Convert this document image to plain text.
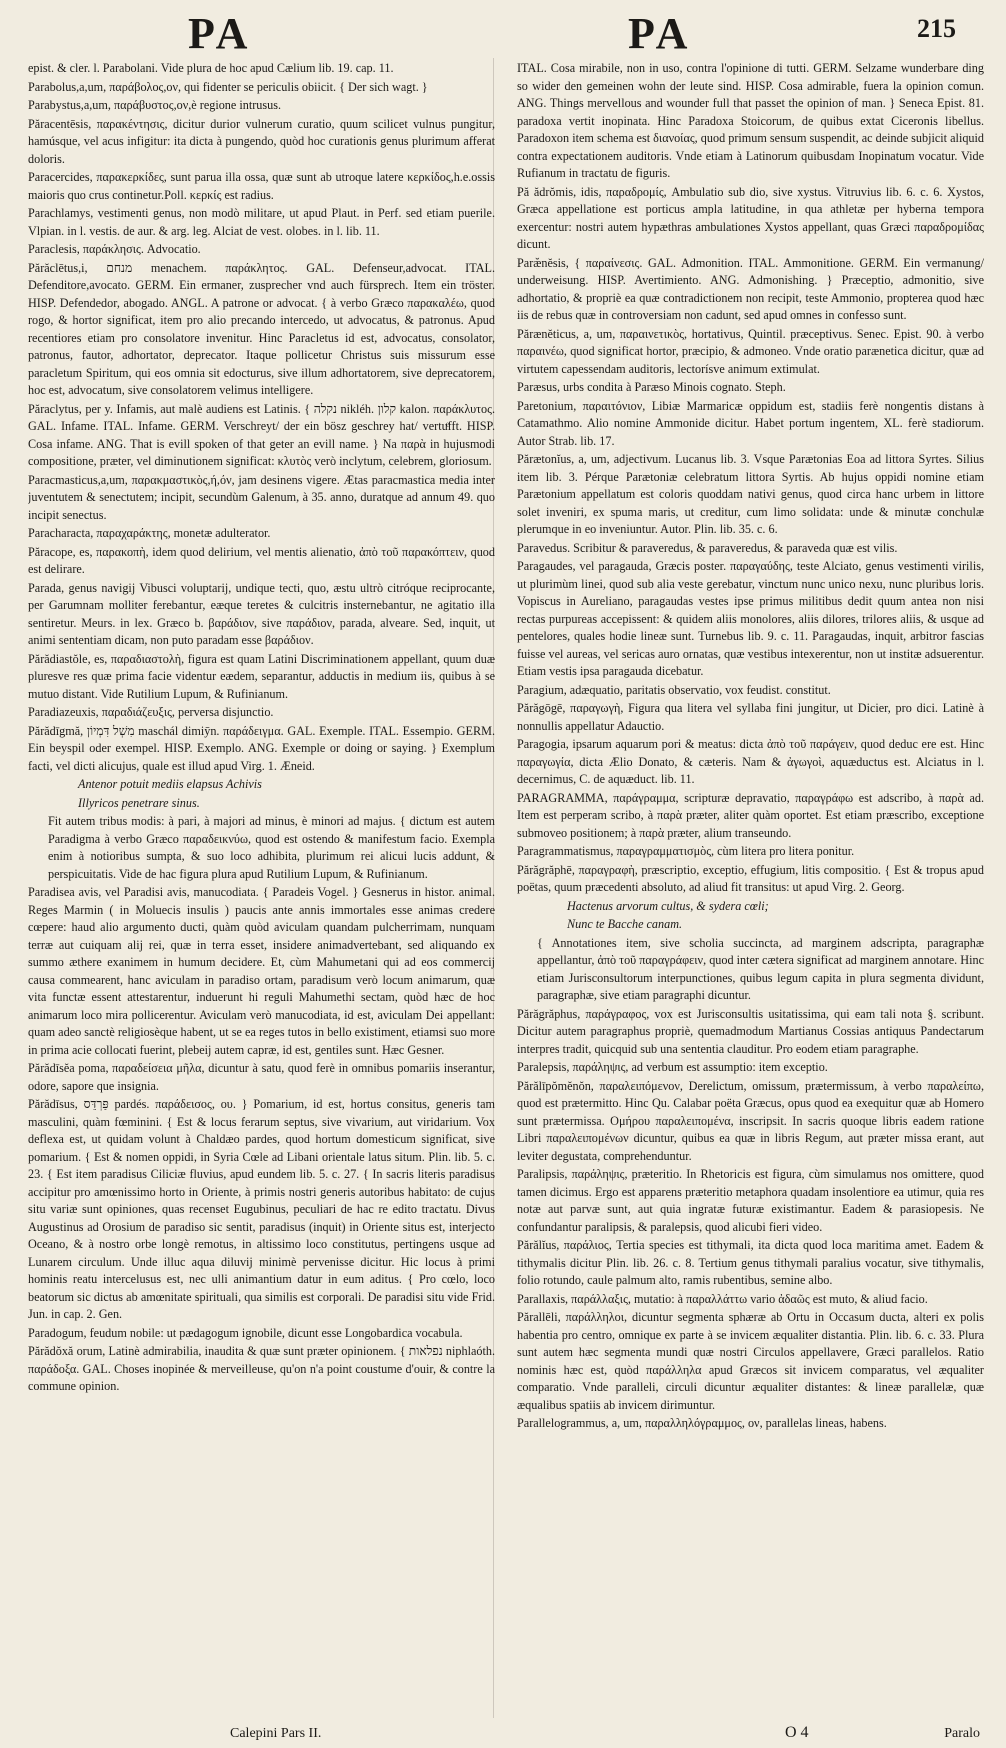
PA	PA	215

epist. & cler. l. Parabolani. Vide plura de hoc apud Cælium lib. 19. cap. 11.

Parabolus,a,um, παράβολος,ον, qui fidenter se periculis obiicit. { Der sich wagt. }

Parabystus,a,um, παράβυστος,ον,è regione intrusus.

Păracentēsis, παρακέντησις, dicitur durior vulnerum curatio, quum scilicet vulnus pungitur, hamúsque, vel acus infigitur: ita dicta à pungendo, quòd hoc curationis genus plurimum afferat doloris.

Paracercides, παρακερκίδες, sunt parua illa ossa, quæ sunt ab utroque latere κερκίδος,h.e.ossis maioris quo crus continetur.Poll. κερκίς est radius.

Parachlamys, vestimenti genus, non modò militare, ut apud Plaut. in Perf. sed etiam puerile. Vlpian. in l. vestis. de aur. & arg. leg. Alciat de vest. olobes. in l. lib. 11.

Paraclesis, παράκλησις. Advocatio.

Părăclētus,i, מנחם menachem. παράκλητος. GAL. Defenseur,advocat. ITAL. Defenditore,avocato. GERM. Ein ermaner, zusprecher vnd auch fürsprech. Item ein tröster. HISP. Defendedor, abogado. ANGL. A patrone or advocat. { à verbo Græco παρακαλέω, quod rogo, & hortor significat, item pro alio precando intercedo, ut advocatus, & patronus. Apud recentiores etiam pro consolatore invenitur. Hinc Paracletus id est, advocatus, consolator, patronus, fautor, adhortator, deprecator. Itaque pollicetur Christus suis missurum esse paracletum Spiritum, qui eos omnia sit edocturus, sive illum adhortatorem, sive deprecatorem, hoc est, advocatum, sive consolatorem velimus intelligere.

Păraclytus, per y. Infamis, aut malè audiens est Latinis. { נקלה nikléh. קלון kalon. παράκλυτος. GAL. Infame. ITAL. Infame. GERM. Verschreyt/ der ein bösz geschrey hat/ vertuͤfft. HISP. Cosa infame. ANG. That is evill spoken of that geter an evill name. } Na παρὰ in hujusmodi compositione, præter, vel diminutionem significat: κλυτὸς verò inclytum, celebrem, gloriosum.

Paracmasticus,a,um, παρακμαστικὸς,ή,όν, jam desinens vigere. Ætas paracmastica media inter juventutem & senectutem; incipit, secundùm Galenum, à 35. anno, duratque ad annum 49. quo incipit senectus.

Paracharacta, παραχαράκτης, monetæ adulterator.

Păracope, es, παρακοπὴ, idem quod delirium, vel mentis alienatio, ἀπὸ τοῦ παρακόπτειν, quod est delirare.

Parada, genus navigij Vibusci voluptarij, undique tecti, quo, æstu ultrò citróque reciprocante, per Garumnam molliter ferebantur, eæque teretes & culcitris insternebantur, ne agitatio illa sentiretur. Meurs. in lex. Græco b. βαράδιον, sive παράδιον, parada, alveare. Sed, inquit, ut animi sententiam dicam, non puto paradam esse βαράδιον.

Părădiastŏle, es, παραδιαστολὴ, figura est quam Latini Discriminationem appellant, quum duæ pluresve res quæ prima facie videntur eædem, separantur, adductis in medium iis, quibus à se mutuo distant. Vide Rutilium Lupum, & Rufinianum.

Paradiazeuxis, παραδιάζευξις, perversa disjunctio.

Părădīgmă, מִשְׁל דִּמְיוֹן maschál dimiȳn. παράδειγμα. GAL. Exemple. ITAL. Essempio. GERM. Ein beyspil oder exempel. HISP. Exemplo. ANG. Exemple or doing or saying. } Exemplum facti, vel dicti alicujus, quale est illud apud Virg. 1. Æneid.

Antenor potuit mediis elapsus Achivis

Illyricos penetrare sinus.

Fit autem tribus modis: à pari, à majori ad minus, è minori ad majus. { dictum est autem Paradigma à verbo Græco παραδεικνύω, quod est ostendo & manifestum facio. Exempla enim à notioribus sumpta, & suo loco adhibita, plurimum rei alicui lucis addunt, & perspicuitatis. Vide de hac figura plura apud Rutilium Lupum, & Rufinianum.

Paradisea avis, vel Paradisi avis, manucodiata. { Paradeis Vogel. } Gesnerus in histor. animal. Reges Marmin ( in Moluecis insulis ) paucis ante annis immortales esse animas credere cœpere: haud alio argumento ducti, quàm quòd aviculam quandam pulcherrimam, nunquam terræ aut cuiquam alij rei, quæ in terra esset, insidere animadvertebant, sed aliquando ex summo æthere exanimem in humum decidere. Et, cùm Mahumetani qui ad eos commercij causa commearent, hanc aviculam in paradiso ortam, paradisum verò locum animarum, quæ vita functæ essent attestarentur, induerunt hi reguli Mahumethi sectam, quòd hæc de hoc animarum loco mira pollicerentur. Aviculam verò manucodiata, id est, aviculam Dei appellant: quam adeo sanctè religiosèque habent, ut se ea reges tutos in bello existiment, etiamsi suo more in prima acie collocati fuerint, plebeij autem capræ, id est, gentiles sunt. Hæc Gesner.

Părădīsĕa poma, παραδείσεια μῆλα, dicuntur à satu, quod ferè in omnibus pomariis inserantur, odore, sapore que insignia.

Părădīsus, פַּרְדֵּס pardés. παράδεισος, ου. } Pomarium, id est, hortus consitus, generis tam masculini, quàm fœminini. { Est & locus ferarum septus, sive vivarium, aut viridarium. Vox deflexa est, ut quidam volunt à Chaldæo pardes, quod hortum domesticum significat, sive pomarium. { Est & nomen oppidi, in Syria Cœle ad Libani orientale latus situm. Plin. lib. 5. c. 23. { Est item paradisus Ciliciæ fluvius, apud eundem lib. 5. c. 27. { In sacris literis paradisus accipitur pro amœnissimo horto in Oriente, à primis nostri generis autoribus habitato: de cujus situ variæ sunt opiniones, quas recenset Eugubinus, peculiari de hac re edito tractatu. Divus Augustinus ad Orosium de paradiso sic sentit, paradisus (inquit) in Oriente situs est, interjecto Oceano, & à nostro orbe longè remotus, in altissimo loco constitutus, pertingens usque ad Lunarem circulum. Unde illuc aqua diluvij minimè pervenisse dicitur. Hic locus à primi hominis reatu intercelusus est, nec ulli animantium datur in eum aditus. { Pro cœlo, loco beatorum sic dictus ab amœnitate spirituali, qua similis est corporali. De paradisi situ vide Frid. Jun. in cap. 2. Gen.

Paradogum, feudum nobile: ut pædagogum ignobile, dicunt esse Longobardica vocabula.

Părădŏxă orum, Latinè admirabilia, inaudita & quæ sunt præter opinionem. { נפלאות niphlaóth. παράδοξα. GAL. Choses inopinée & merveilleuse, qu'on n'a point coustume d'ouir, & contre la commune opinion.

ITAL. Cosa mirabile, non in uso, contra l'opinione di tutti. GERM. Selzame wunderbare ding so wider den gemeinen wohn der leute sind. HISP. Cosa admirable, fuera la opinion comun. ANG. Things mervellous and wounder full that passet the opinion of man. } Seneca Epist. 81. paradoxa vertit inopinata. Hinc Paradoxa Stoicorum, de quibus extat Ciceronis libellus. Paradoxon item schema est διανοίας, quod primum sensum suspendit, ac deinde subjicit aliquid contra expectationem auditoris. Vnde etiam à Latinorum quibusdam Inopinatum vocatur. Vide Rufianum in tractatu de figuris.

Pă ădrŏmis, idis, παραδρομίς, Ambulatio sub dio, sive xystus. Vitruvius lib. 6. c. 6. Xystos, Græca appellatione est porticus ampla latitudine, in qua athletæ per hyberna tempora exercentur: nostri autem hypæthras ambulationes Xystos appellant, quas Græci παραδρομίδας dicunt.

Paræ̆nĕsis, { παραίνεσις. GAL. Admonition. ITAL. Ammonitione. GERM. Ein vermanung/ underweisung. HISP. Avertimiento. ANG. Admonishing. } Præceptio, admonitio, sive adhortatio, & propriè ea quæ contradictionem non recipit, teste Ammonio, propterea quod hæc iis de rebus quæ in controversiam non cadunt, sed apud omnes in confesso sunt.

Părænĕticus, a, um, παραινετικὸς, hortativus, Quintil. præceptivus. Senec. Epist. 90. à verbo παραινέω, quod significat hortor, præcipio, & admoneo. Vnde oratio parænetica dicitur, quæ ad virtutem capessendam auditoris, lectorísve animum extimulat.

Paræsus, urbs condita à Paræso Minois cognato. Steph.

Paretonium, παραιτόνιον, Libiæ Marmaricæ oppidum est, stadiis ferè nongentis distans à Catamathmo. Alio nomine Ammonide dicitur. Habet portum ingentem, XL. ferè stadiorum. Autor Strab. lib. 17.

Părætonĭus, a, um, adjectivum. Lucanus lib. 3. Vsque Parætonias Eoa ad littora Syrtes. Silius item lib. 3. Pérque Parætoniæ celebratum littora Syrtis. Ab hujus oppidi nomine etiam Parætonium appellatum est coloris quoddam nativi genus, quod circa hanc urbem in littore solet inveniri, ex spuma maris, ut creditur, cum limo solidata: unde & minutæ conchulæ plerumque in eo inveniuntur. Autor. Plin. lib. 35. c. 6.

Paravedus. Scribitur & paraveredus, & paraveredus, & paraveda quæ est vilis.

Paragaudes, vel paragauda, Græcis poster. παραγαύδης, teste Alciato, genus vestimenti virilis, ut plurimùm linei, quod sub alia veste gerebatur, vinctum nunc unico nexu, nunc pluribus loris. Vopiscus in Aureliano, paragaudas vestes ipse primus militibus dedit quum antea non nisi rectas purpureas accepissent: & quidem aliis monolores, aliis dilores, trilores aliis, & usque ad pentelores, quales hodie lineæ sunt. Turnebus lib. 9. c. 11. Paragaudas, inquit, arbitror fascias fuisse vel aureas, vel sericas auro ornatas, quæ vestibus intexerentur, non ut institæ adsuerentur. Etiam vestis ipsa paragauda dicebatur.

Paragium, adæquatio, paritatis observatio, vox feudist. constitut.

Părăgōgē, παραγωγὴ, Figura qua litera vel syllaba fini jungitur, ut Dicier, pro dici. Latinè à nonnullis appellatur Adauctio.

Paragogia, ipsarum aquarum pori & meatus: dicta ἀπὸ τοῦ παράγειν, quod deduc ere est. Hinc παραγωγία, dicta Ælio Donato, & cæteris. Nam & ἀγωγοὶ, aquæductus est. Alciatus in l. decernimus, C. de aquæduct. lib. 11.

PARAGRAMMA, παράγραμμα, scripturæ depravatio, παραγράφω est adscribo, à παρὰ ad. Item est perperam scribo, à παρὰ præter, aliter quàm oportet. Est etiam præscribo, exceptione submoveo positionem; à παρὰ præter, alium transeundo.

Paragrammatismus, παραγραμματισμὸς, cùm litera pro litera ponitur.

Părăgrăphē, παραγραφὴ, præscriptio, exceptio, effugium, litis compositio. { Est & tropus apud poëtas, quum præcedenti absoluto, ad aliud fit transitus: ut apud Virg. 2. Georg.

Hactenus arvorum cultus, & sydera cœli;

Nunc te Bacche canam.

{ Annotationes item, sive scholia succincta, ad marginem adscripta, paragraphæ appellantur, ἀπὸ τοῦ παραγράφειν, quod inter cætera significat ad marginem annotare. Hinc etiam Jurisconsultorum interpunctiones, quibus legum capita in plura segmenta dividunt, paragraphæ, sive etiam paragraphi dicuntur.

Părăgrăphus, παράγραφος, vox est Jurisconsultis usitatissima, qui eam tali nota §. scribunt. Dicitur autem paragraphus propriè, quemadmodum Martianus Cossias antiquus Pandectarum interpres tradit, quicquid sub una sententia clauditur. Pro eodem etiam paragraphe.

Paralepsis, παράληψις, ad verbum est assumptio: item exceptio.

Părălīpŏmĕnŏn, παραλειπόμενον, Derelictum, omissum, prætermissum, à verbo παραλείπω, quod est prætermitto. Hinc Qu. Calabar poëta Græcus, opus quod ea exequitur quæ ab Homero sunt prætermissa. Ομήρου παραλειπομένα, inscripsit. In sacris quoque libris eadem ratione Libri παραλειπομένων dicuntur, quibus ea quæ in libris Regum, aut præter missa erant, aut leviter degustata, comprehenduntur.

Paralipsis, παράληψις, præteritio. In Rhetoricis est figura, cùm simulamus nos omittere, quod tamen dicimus. Ergo est apparens præteritio metaphora quadam insolentiore ea utimur, quia res notæ aut parvæ sunt, aut quia ingratæ futuræ existimantur. Eadem & parasiopesis. Ne confundantur paralipsis, & paralepsis, quod alicubi fieri video.

Părălĭus, παράλιος, Tertia species est tithymali, ita dicta quod loca maritima amet. Eadem & tithymalis dicitur Plin. lib. 26. c. 8. Tertium genus tithymali paralius vocatur, sive tithymalis, folio rotundo, caule palmum alto, ramis rubentibus, semine albo.

Parallaxis, παράλλαξις, mutatio: à παραλλάττω vario ἀδαῶς est muto, & aliud facio.

Părallēli, παράλληλοι, dicuntur segmenta sphæræ ab Ortu in Occasum ducta, alteri ex polis habentia pro centro, omnique ex parte à se invicem æqualiter distantia. Plin. lib. 6. c. 33. Plura sunt autem hæc segmenta mundi quæ nostri Circulos appellavere, Græci parallelos. Ratio nominis hæc est, quòd παράλληλα apud Græcos sit invicem comparatus, vel æqualiter comparatio. Vnde paralleli, circuli dicuntur æqualiter distantes: & lineæ parallelæ, quæ æqualibus spatiis ab invicem dirimuntur.

Parallelogrammus, a, um, παραλληλόγραμμος, ον, parallelas lineas, habens.

Calepini Pars II.	O 4	Paralo
